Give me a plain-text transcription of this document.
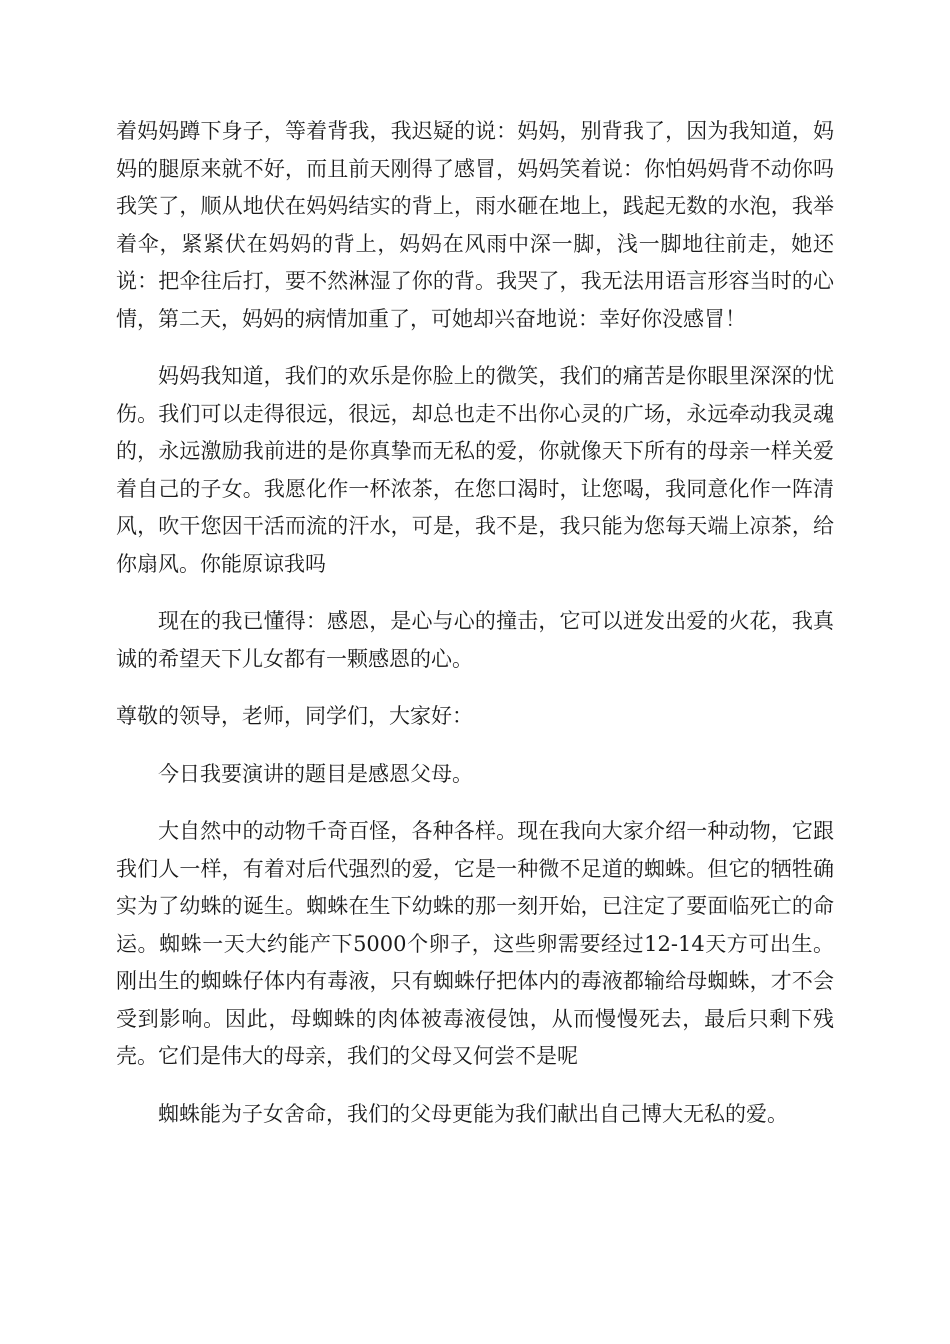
着妈妈蹲下身子，等着背我，我迟疑的说：妈妈，别背我了，因为我知道，妈妈的腿原来就不好，而且前天刚得了感冒，妈妈笑着说：你怕妈妈背不动你吗我笑了，顺从地伏在妈妈结实的背上，雨水砸在地上，践起无数的水泡，我举着伞，紧紧伏在妈妈的背上，妈妈在风雨中深一脚，浅一脚地往前走，她还说：把伞往后打，要不然淋湿了你的背。我哭了，我无法用语言形容当时的心情，第二天，妈妈的病情加重了，可她却兴奋地说：幸好你没感冒！

妈妈我知道，我们的欢乐是你脸上的微笑，我们的痛苦是你眼里深深的忧伤。我们可以走得很远，很远，却总也走不出你心灵的广场，永远牵动我灵魂的，永远激励我前进的是你真挚而无私的爱，你就像天下所有的母亲一样关爱着自己的子女。我愿化作一杯浓茶，在您口渴时，让您喝，我同意化作一阵清风，吹干您因干活而流的汗水，可是，我不是，我只能为您每天端上凉茶，给你扇风。你能原谅我吗

现在的我已懂得：感恩，是心与心的撞击，它可以迸发出爱的火花，我真诚的希望天下儿女都有一颗感恩的心。

尊敬的领导，老师，同学们，大家好：

今日我要演讲的题目是感恩父母。

大自然中的动物千奇百怪，各种各样。现在我向大家介绍一种动物，它跟我们人一样，有着对后代强烈的爱，它是一种微不足道的蜘蛛。但它的牺牲确实为了幼蛛的诞生。蜘蛛在生下幼蛛的那一刻开始，已注定了要面临死亡的命运。蜘蛛一天大约能产下5000个卵子，这些卵需要经过12-14天方可出生。刚出生的蜘蛛仔体内有毒液，只有蜘蛛仔把体内的毒液都输给母蜘蛛，才不会受到影响。因此，母蜘蛛的肉体被毒液侵蚀，从而慢慢死去，最后只剩下残壳。它们是伟大的母亲，我们的父母又何尝不是呢

蜘蛛能为子女舍命，我们的父母更能为我们献出自己博大无私的爱。
